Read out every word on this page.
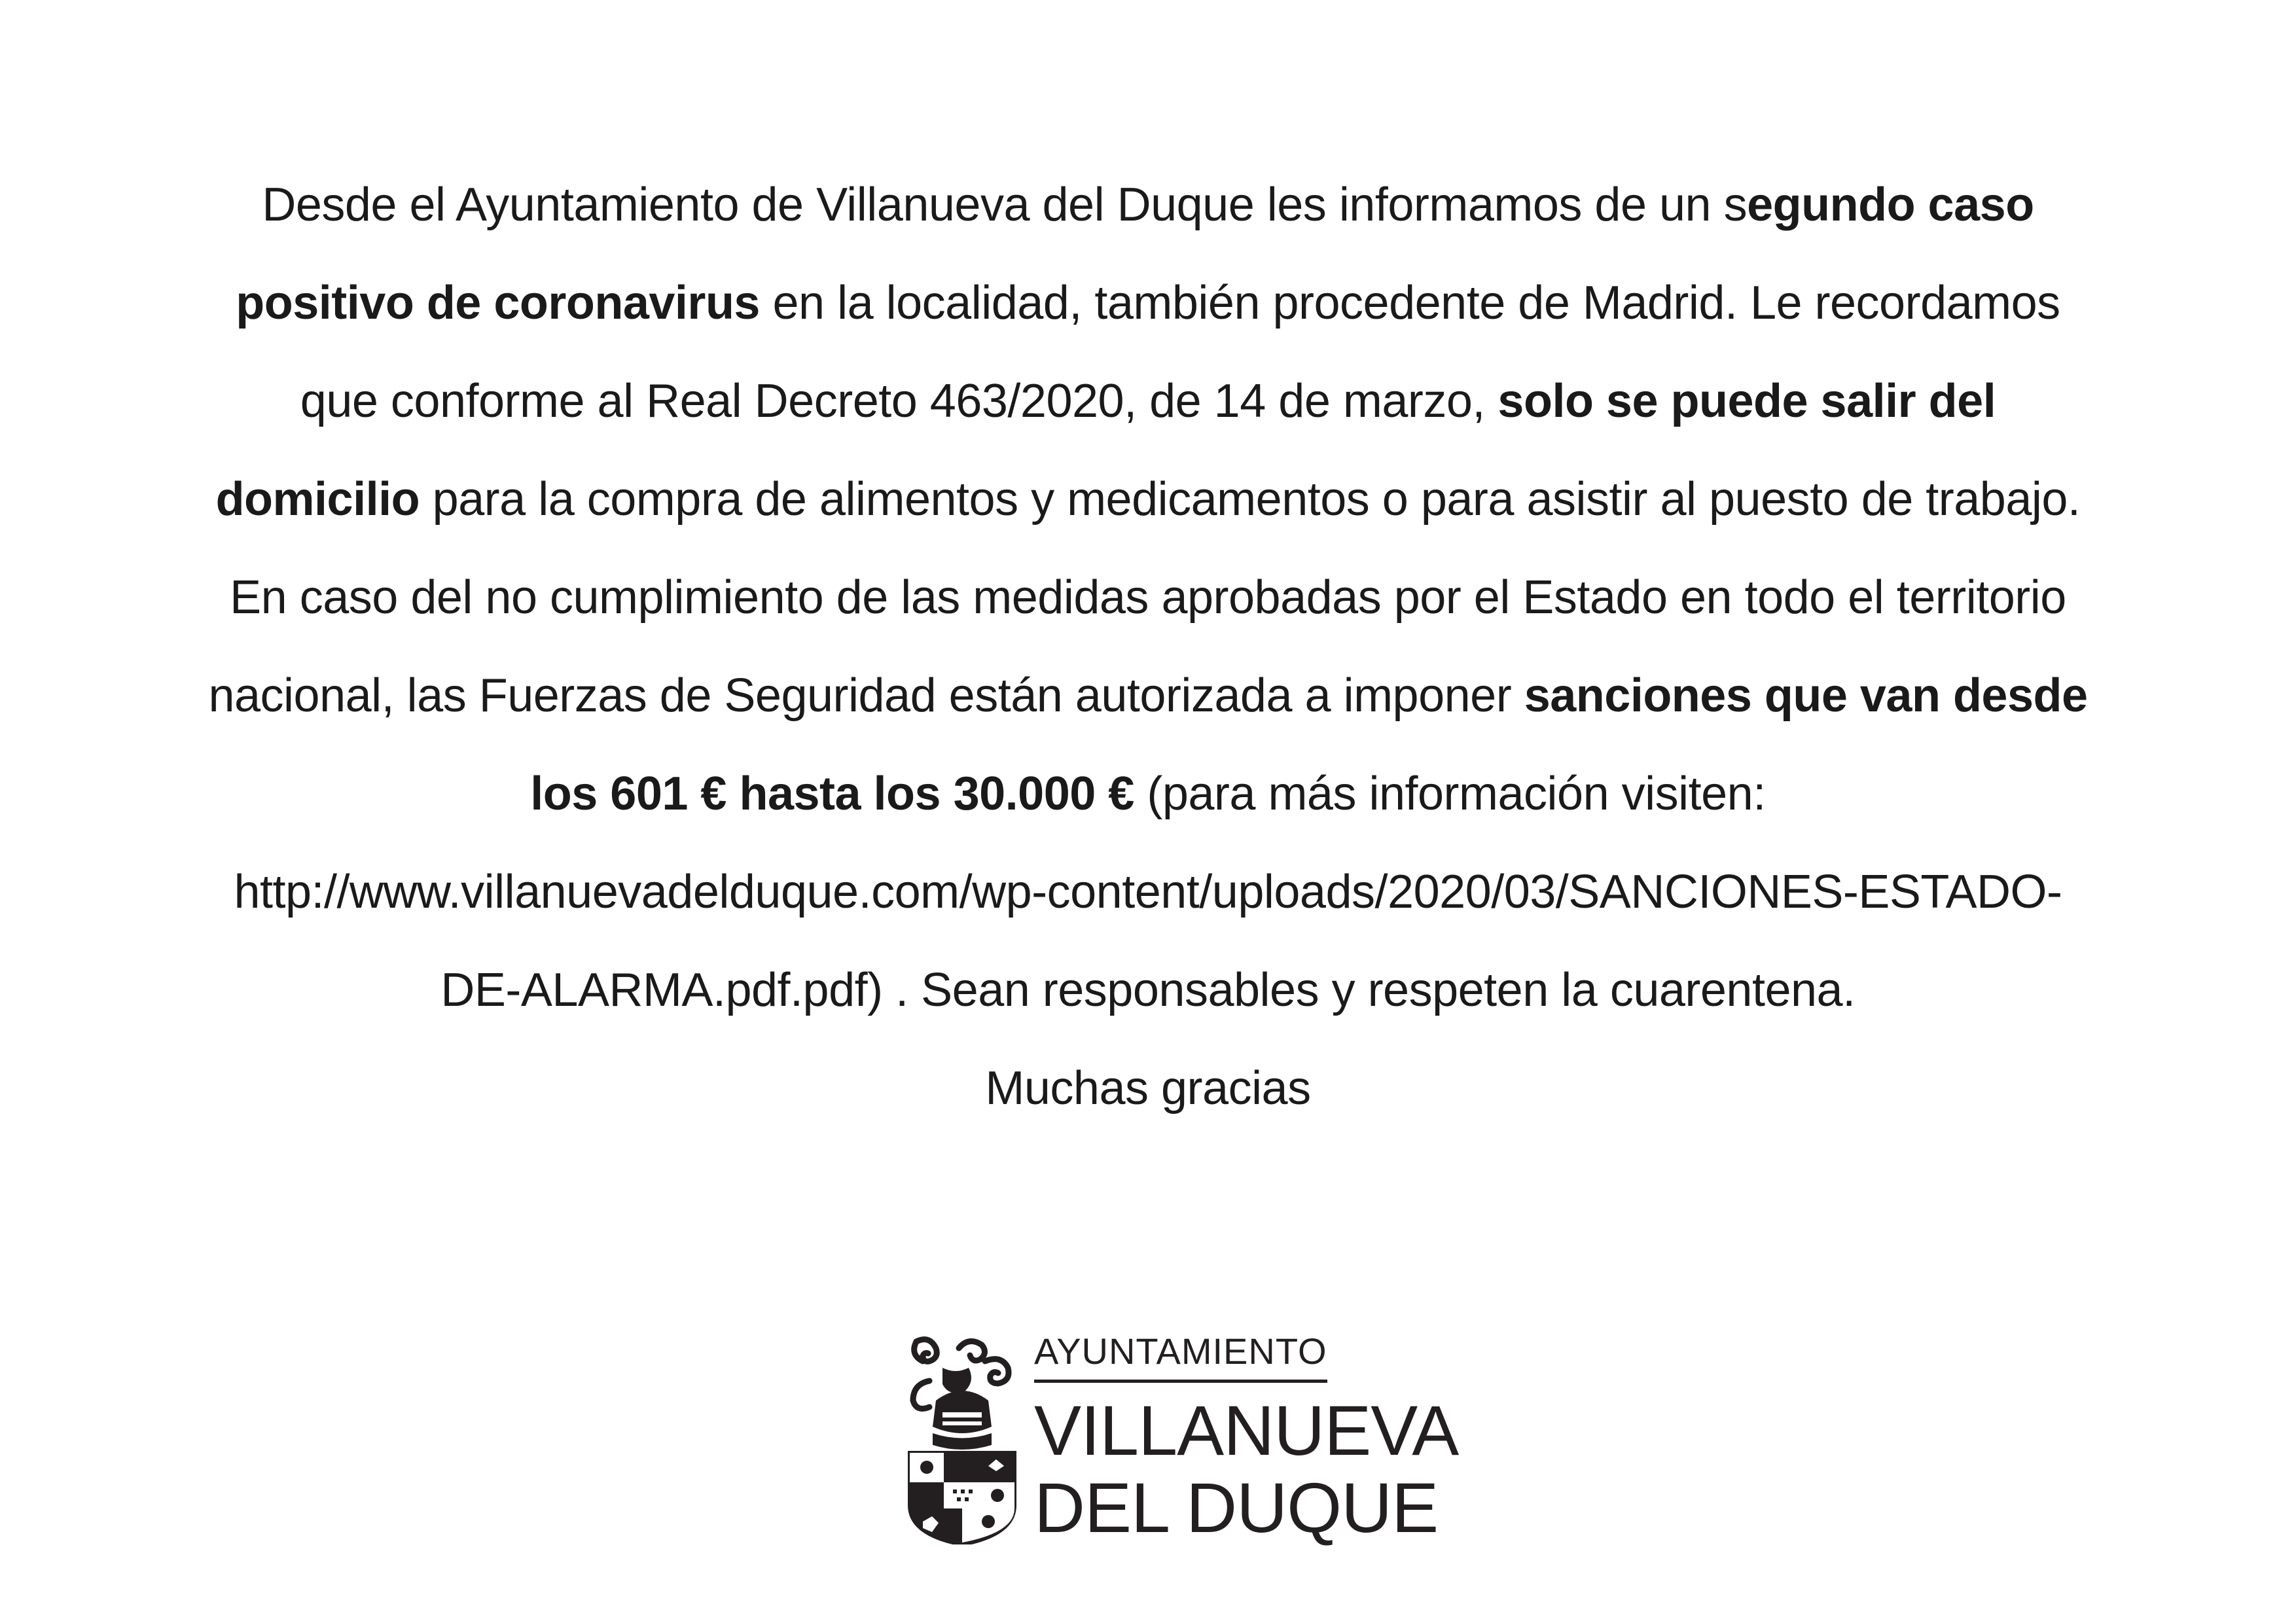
Desde el Ayuntamiento de Villanueva del Duque les informamos de un segundo caso
positivo de coronavirus en la localidad, también procedente de Madrid. Le recordamos
que conforme al Real Decreto 463/2020, de 14 de marzo, solo se puede salir del
domicilio para la compra de alimentos y medicamentos o para asistir al puesto de trabajo.
En caso del no cumplimiento de las medidas aprobadas por el Estado en todo el territorio
nacional, las Fuerzas de Seguridad están autorizada a imponer sanciones que van desde
los 601 € hasta los 30.000 € (para más información visiten:
http://www.villanuevadelduque.com/wp-content/uploads/2020/03/SANCIONES-ESTADO-
DE-ALARMA.pdf.pdf) . Sean responsables y respeten la cuarentena.
Muchas gracias
AYUNTAMIENTO
VILLANUEVA
DEL DUQUE
